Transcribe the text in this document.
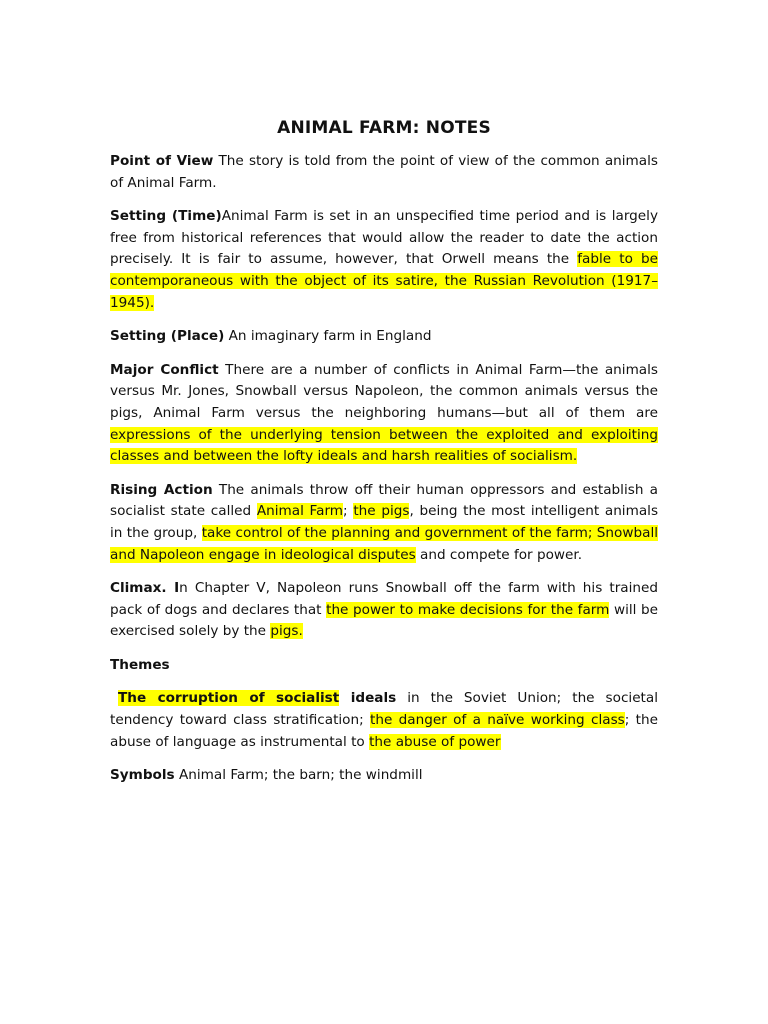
ANIMAL FARM: NOTES

Point of View The story is told from the point of view of the common animals of Animal Farm.

Setting (Time)Animal Farm is set in an unspecified time period and is largely free from historical references that would allow the reader to date the action precisely. It is fair to assume, however, that Orwell means the fable to be contemporaneous with the object of its satire, the Russian Revolution (1917–1945).

Setting (Place) An imaginary farm in England

Major Conflict There are a number of conflicts in Animal Farm—the animals versus Mr. Jones, Snowball versus Napoleon, the common animals versus the pigs, Animal Farm versus the neighboring humans—but all of them are expressions of the underlying tension between the exploited and exploiting classes and between the lofty ideals and harsh realities of socialism.

Rising Action The animals throw off their human oppressors and establish a socialist state called Animal Farm; the pigs, being the most intelligent animals in the group, take control of the planning and government of the farm; Snowball and Napoleon engage in ideological disputes and compete for power.

Climax. In Chapter V, Napoleon runs Snowball off the farm with his trained pack of dogs and declares that the power to make decisions for the farm will be exercised solely by the pigs.

Themes

The corruption of socialist ideals in the Soviet Union; the societal tendency toward class stratification; the danger of a naïve working class; the abuse of language as instrumental to the abuse of power

Symbols Animal Farm; the barn; the windmill
